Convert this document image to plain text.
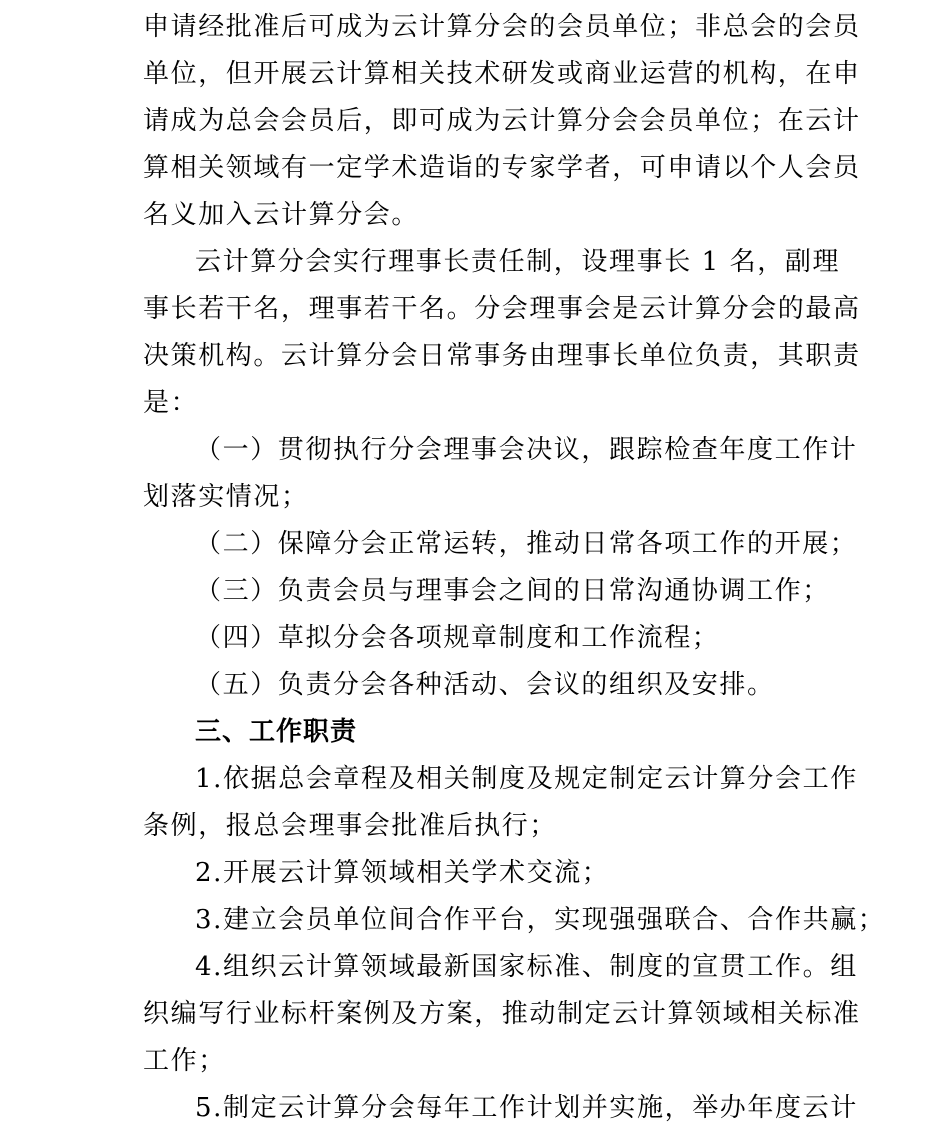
申请经批准后可成为云计算分会的会员单位；非总会的会员
单位，但开展云计算相关技术研发或商业运营的机构，在申
请成为总会会员后，即可成为云计算分会会员单位；在云计
算相关领域有一定学术造诣的专家学者，可申请以个人会员
名义加入云计算分会。
云计算分会实行理事长责任制，设理事长 1 名，副理
事长若干名，理事若干名。分会理事会是云计算分会的最高
决策机构。云计算分会日常事务由理事长单位负责，其职责
是：
（一）贯彻执行分会理事会决议，跟踪检查年度工作计
划落实情况；
（二）保障分会正常运转，推动日常各项工作的开展；
（三）负责会员与理事会之间的日常沟通协调工作；
（四）草拟分会各项规章制度和工作流程；
（五）负责分会各种活动、会议的组织及安排。
三、工作职责
1.依据总会章程及相关制度及规定制定云计算分会工作
条例，报总会理事会批准后执行；
2.开展云计算领域相关学术交流；
3.建立会员单位间合作平台，实现强强联合、合作共赢；
4.组织云计算领域最新国家标准、制度的宣贯工作。组
织编写行业标杆案例及方案，推动制定云计算领域相关标准
工作；
5.制定云计算分会每年工作计划并实施，举办年度云计
